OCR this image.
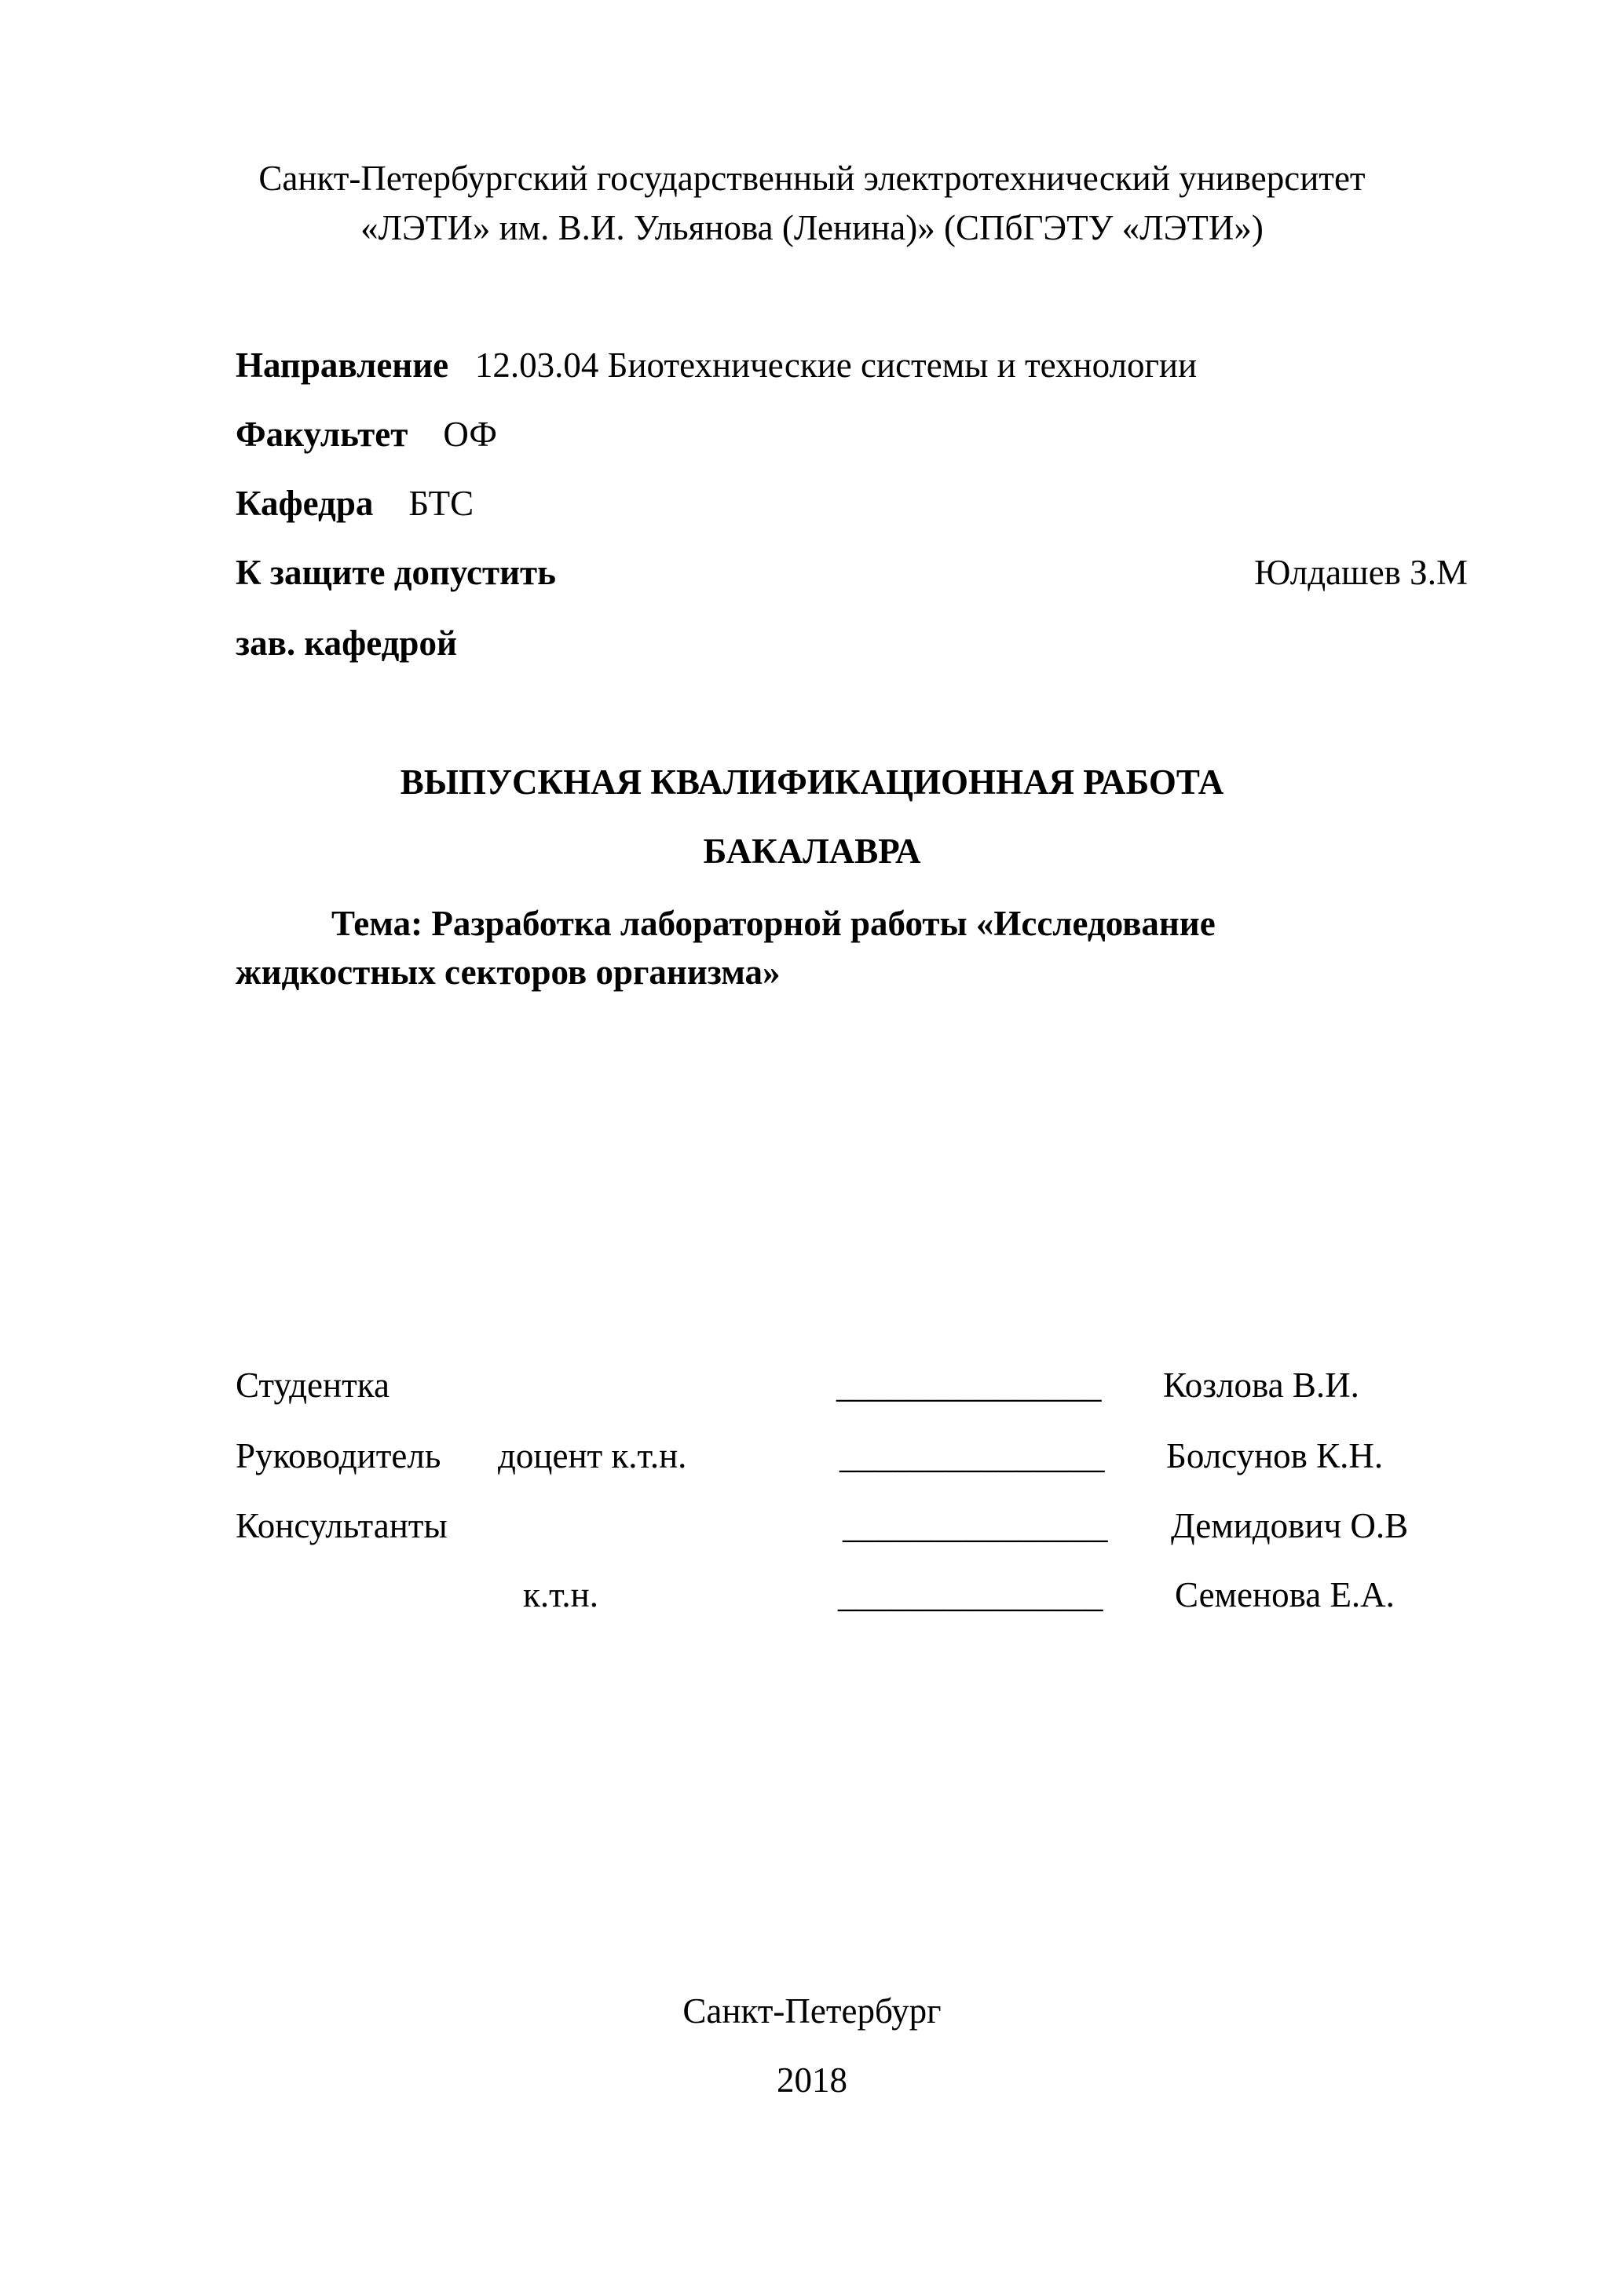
Санкт-Петербургский государственный электротехнический университет
«ЛЭТИ» им. В.И. Ульянова (Ленина)» (СПбГЭТУ «ЛЭТИ»)
Направление 12.03.04 Биотехнические системы и технологии
Факультет ОФ
Кафедра БТС
К защите допустить	Юлдашев З.М
зав. кафедрой
ВЫПУСКНАЯ КВАЛИФИКАЦИОННАЯ РАБОТА
БАКАЛАВРА
Тема: Разработка лабораторной работы «Исследование
жидкостных секторов организма»
Студентка	_______________ Козлова В.И.
Руководитель доцент к.т.н.	_______________ Болсунов К.Н.
Консультанты	_______________ Демидович О.В
к.т.н.	_______________ Семенова Е.А.
Санкт-Петербург
2018
